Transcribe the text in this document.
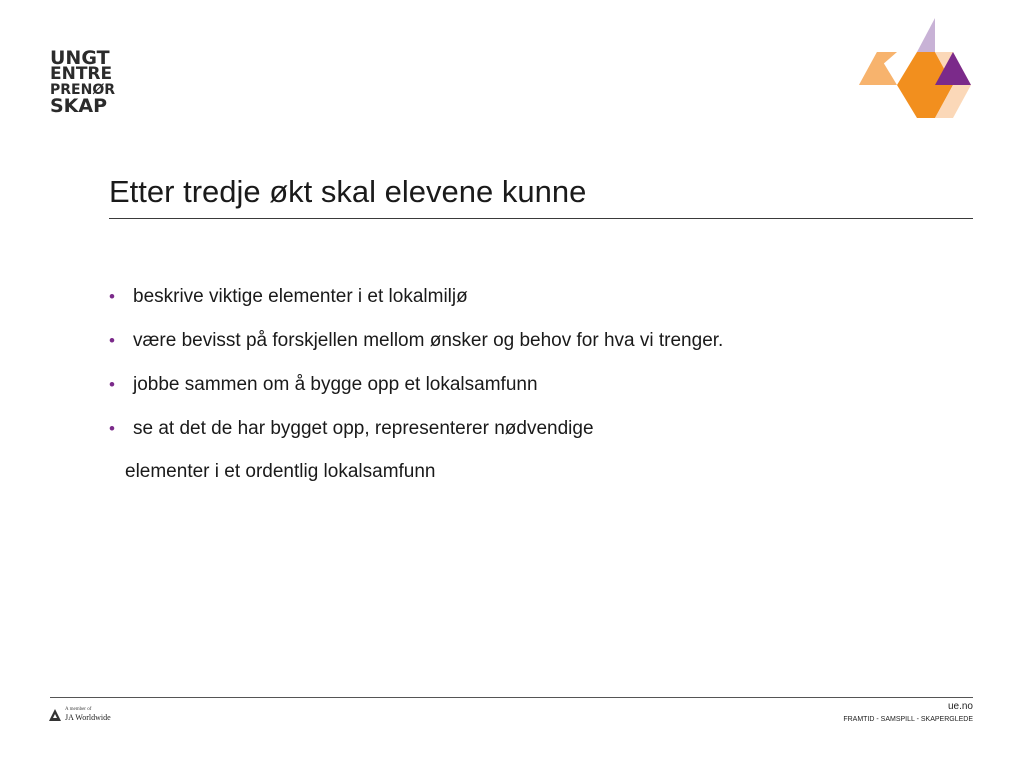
UNGT
ENTRE
PRENØR
SKAP
Etter tredje økt skal elevene kunne
• beskrive viktige elementer i et lokalmiljø
• være bevisst på forskjellen mellom ønsker og behov for hva vi trenger.
• jobbe sammen om å bygge opp et lokalsamfunn
• se at det de har bygget opp, representerer nødvendige
elementer i et ordentlig lokalsamfunn
A member of
JA Worldwide
ue.no
FRAMTID - SAMSPILL - SKAPERGLEDE
